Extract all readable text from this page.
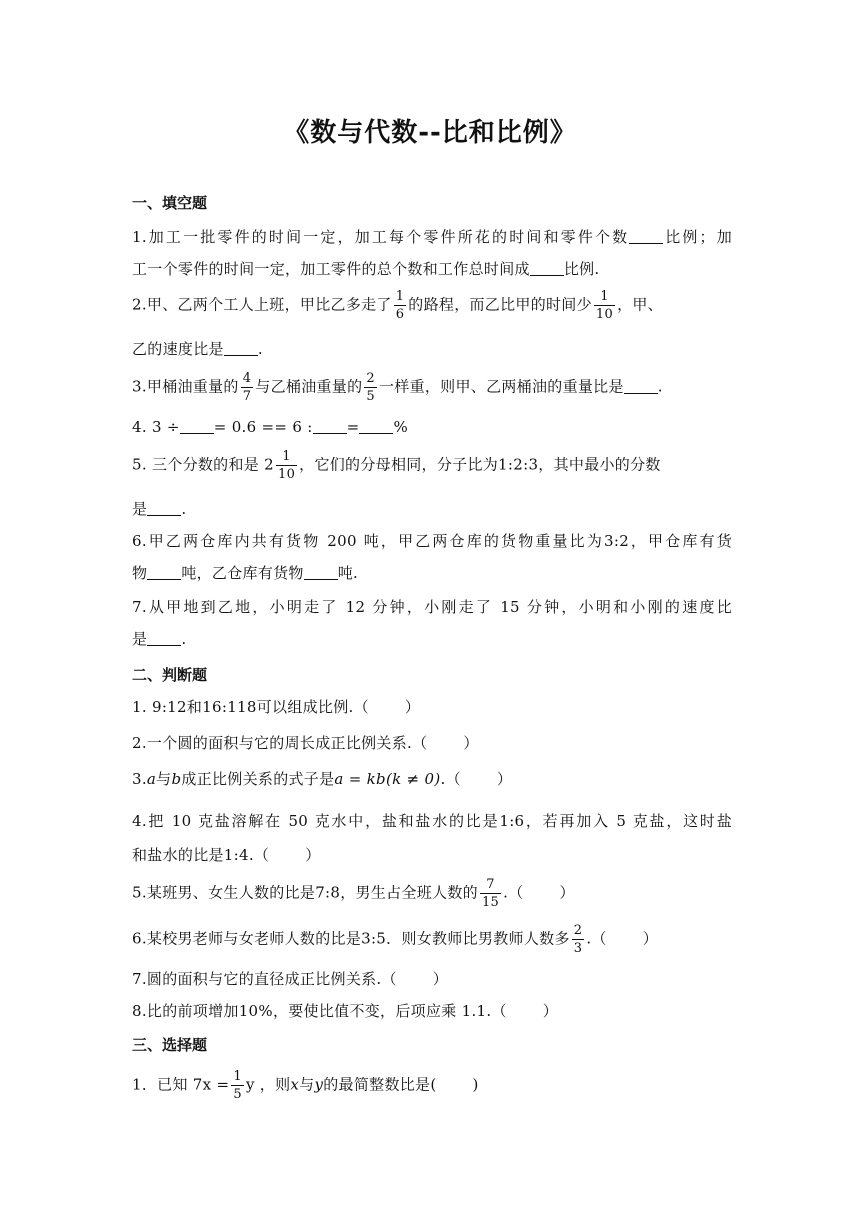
《数与代数--比和比例》
一、填空题
1.加工一批零件的时间一定，加工每个零件所花的时间和零件个数 比例；加
工一个零件的时间一定，加工零件的总个数和工作总时间成 比例.
2.甲、乙两个工人上班，甲比乙多走了 $\frac{1}{6}$ 的路程，而乙比甲的时间少 $\frac{1}{10}$ ，甲、
乙的速度比是 .
3.甲桶油重量的 $\frac{4}{7}$ 与乙桶油重量的 $\frac{2}{5}$ 一样重，则甲、乙两桶油的重量比是 .
4. 3 ÷ = 0.6 == 6 : = %
5. 三个分数的和是 $2 \frac{1}{10}$ ，它们的分母相同，分子比为1:2:3，其中最小的分数
是 .
6.甲乙两仓库内共有货物 200 吨，甲乙两仓库的货物重量比为3:2，甲仓库有货
物 吨，乙仓库有货物 吨.
7.从甲地到乙地，小明走了 12 分钟，小刚走了 15 分钟，小明和小刚的速度比
是 .
二、判断题
1. 9:12和16:118可以组成比例.（ ）
2.一个圆的面积与它的周长成正比例关系.（ ）
3.a与b成正比例关系的式子是a = kb(k ≠ 0).（ ）
4.把 10 克盐溶解在 50 克水中，盐和盐水的比是1:6，若再加入 5 克盐，这时盐
和盐水的比是1:4.（ ）
5.某班男、女生人数的比是7:8，男生占全班人数的 $\frac{7}{15}$ .（ ）
6.某校男老师与女老师人数的比是3:5．则女教师比男教师人数多 $\frac{2}{3}$ .（ ）
7.圆的面积与它的直径成正比例关系.（ ）
8.比的前项增加10%，要使比值不变，后项应乘 1.1.（ ）
三、选择题
1．已知 $7x = \frac{1}{5}$ y ，则x与y的最简整数比是( )
